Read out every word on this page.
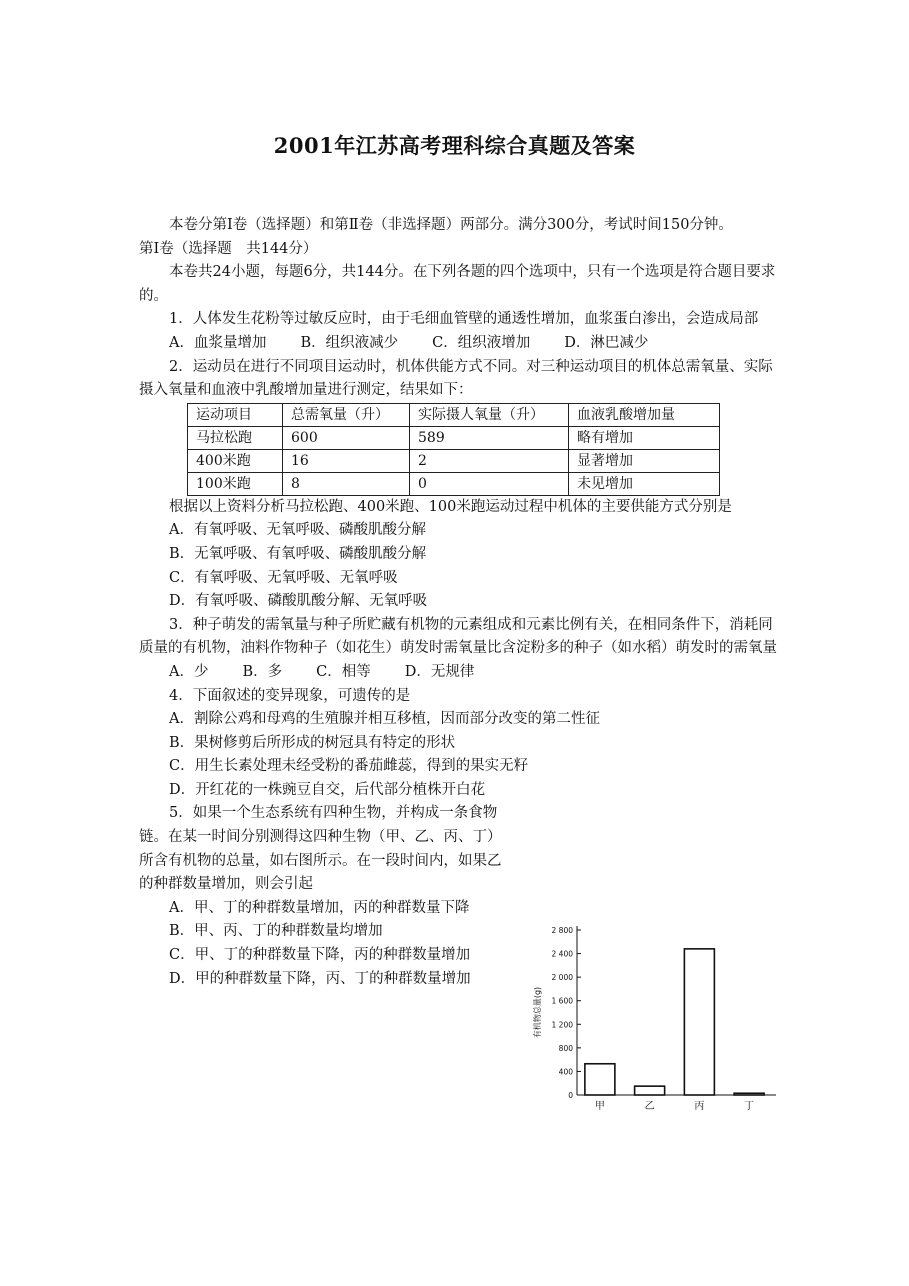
2001年江苏高考理科综合真题及答案

本卷分第Ⅰ卷（选择题）和第Ⅱ卷（非选择题）两部分。满分300分，考试时间150分钟。

第Ⅰ卷（选择题　共144分）

本卷共24小题，每题6分，共144分。在下列各题的四个选项中，只有一个选项是符合题目要求的。

1．人体发生花粉等过敏反应时，由于毛细血管壁的通透性增加，血浆蛋白渗出，会造成局部

A．血浆量增加 B．组织液减少 C．组织液增加 D．淋巴减少

2．运动员在进行不同项目运动时，机体供能方式不同。对三种运动项目的机体总需氧量、实际摄入氧量和血液中乳酸增加量进行测定，结果如下：

运动项目	总需氧量（升）	实际摄人氧量（升）	血液乳酸增加量
马拉松跑	600	589	略有增加
400米跑	16	2	显著增加
100米跑	8	0	未见增加

根据以上资料分析马拉松跑、400米跑、100米跑运动过程中机体的主要供能方式分别是

A．有氧呼吸、无氧呼吸、磷酸肌酸分解

B．无氧呼吸、有氧呼吸、磷酸肌酸分解

C．有氧呼吸、无氧呼吸、无氧呼吸

D．有氧呼吸、磷酸肌酸分解、无氧呼吸

3．种子萌发的需氧量与种子所贮藏有机物的元素组成和元素比例有关，在相同条件下，消耗同质量的有机物，油料作物种子（如花生）萌发时需氧量比含淀粉多的种子（如水稻）萌发时的需氧量

A．少 B．多 C．相等 D．无规律

4．下面叙述的变异现象，可遗传的是

A．割除公鸡和母鸡的生殖腺并相互移植，因而部分改变的第二性征

B．果树修剪后所形成的树冠具有特定的形状

C．用生长素处理未经受粉的番茄雌蕊，得到的果实无籽

D．开红花的一株豌豆自交，后代部分植株开白花

5．如果一个生态系统有四种生物，并构成一条食物链。在某一时间分别测得这四种生物（甲、乙、丙、丁）所含有机物的总量，如右图所示。在一段时间内，如果乙的种群数量增加，则会引起

A．甲、丁的种群数量增加，丙的种群数量下降

B．甲、丙、丁的种群数量均增加

C．甲、丁的种群数量下降，丙的种群数量增加

D．甲的种群数量下降，丙、丁的种群数量增加

2 800
2 400
2 000
1 600
1 200
800
400
0
有机物总量(g)
甲	乙	丙	丁
